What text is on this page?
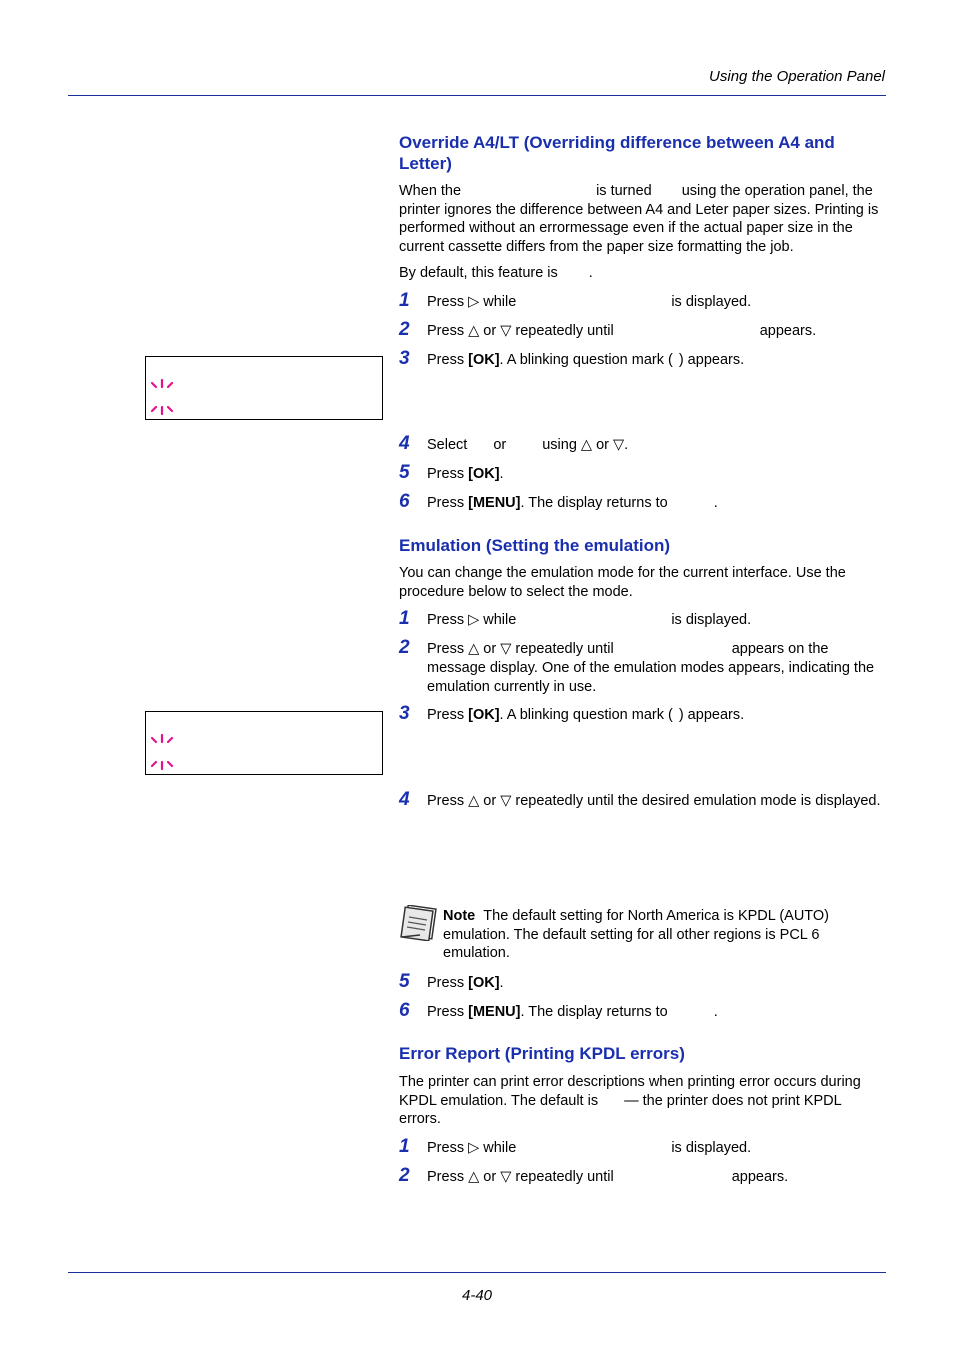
Using the Operation Panel
Override A4/LT (Overriding difference between A4 and Letter)
When the	is turned using the operation panel, the printer ignores the difference between A4 and Leter paper sizes. Printing is performed without an errormessage even if the actual paper size in the current cassette differs from the paper size formatting the job.
By default, this feature is .
1 Press ▷ while	is displayed.
2 Press △ or ▽ repeatedly until	appears.
3 Press [OK]. A blinking question mark ( ) appears.
4 Select or using △ or ▽.
5 Press [OK].
6 Press [MENU]. The display returns to	.
Emulation (Setting the emulation)
You can change the emulation mode for the current interface. Use the procedure below to select the mode.
1 Press ▷ while	is displayed.
2 Press △ or ▽ repeatedly until	appears on the message display. One of the emulation modes appears, indicating the emulation currently in use.
3 Press [OK]. A blinking question mark ( ) appears.
4 Press △ or ▽ repeatedly until the desired emulation mode is displayed.
Note The default setting for North America is KPDL (AUTO) emulation. The default setting for all other regions is PCL 6 emulation.
5 Press [OK].
6 Press [MENU]. The display returns to	.
Error Report (Printing KPDL errors)
The printer can print error descriptions when printing error occurs during KPDL emulation. The default is — the printer does not print KPDL errors.
1 Press ▷ while	is displayed.
2 Press △ or ▽ repeatedly until	appears.
4-40
